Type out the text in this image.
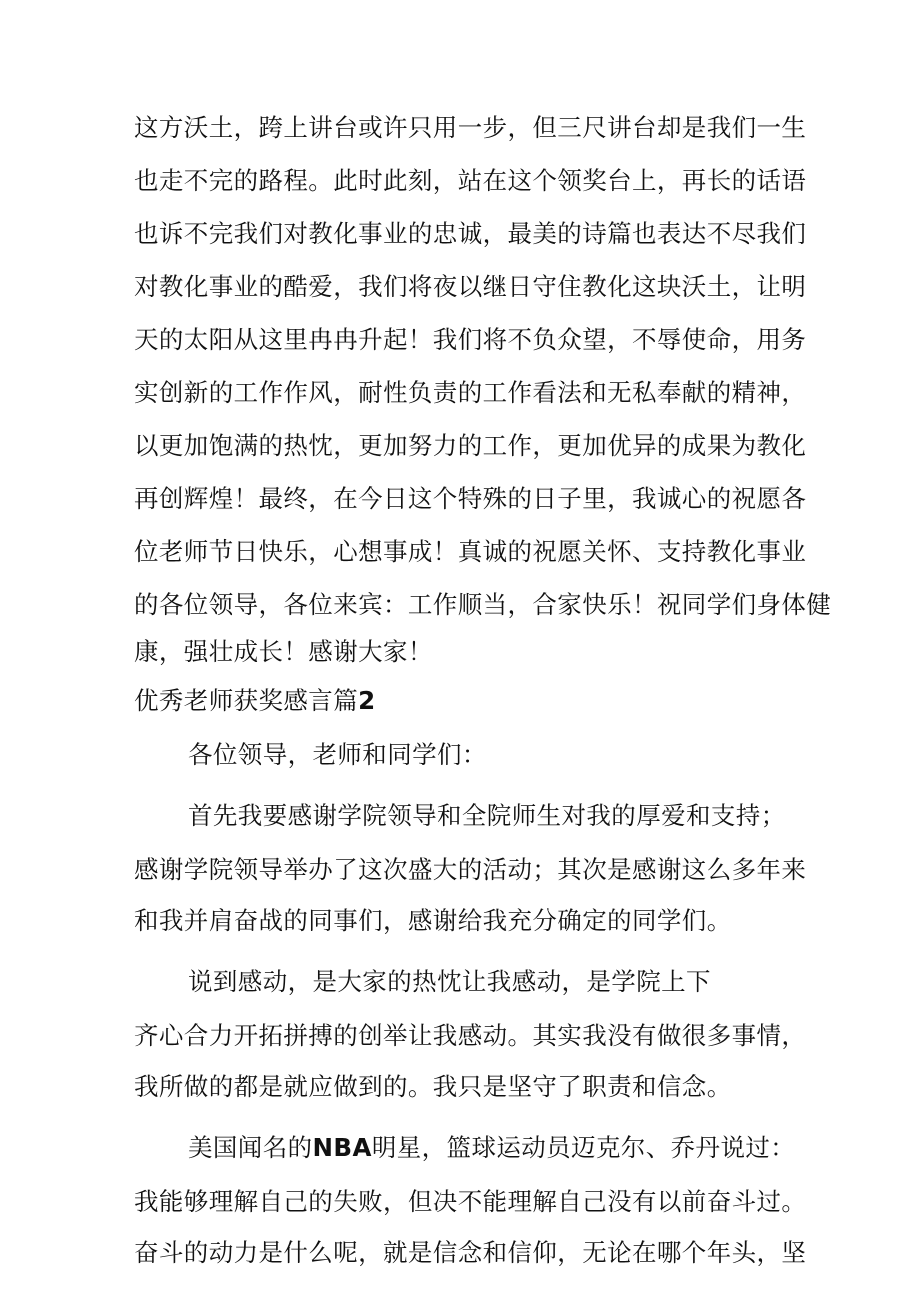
这方沃土，跨上讲台或许只用一步，但三尺讲台却是我们一生
也走不完的路程。此时此刻，站在这个领奖台上，再长的话语
也诉不完我们对教化事业的忠诚，最美的诗篇也表达不尽我们
对教化事业的酷爱，我们将夜以继日守住教化这块沃土，让明
天的太阳从这里冉冉升起！我们将不负众望，不辱使命，用务
实创新的工作作风，耐性负责的工作看法和无私奉献的精神，
以更加饱满的热忱，更加努力的工作，更加优异的成果为教化
再创辉煌！最终，在今日这个特殊的日子里，我诚心的祝愿各
位老师节日快乐，心想事成！真诚的祝愿关怀、支持教化事业
的各位领导，各位来宾：工作顺当，合家快乐！祝同学们身体健
康，强壮成长！感谢大家！
优秀老师获奖感言篇2
各位领导，老师和同学们：
首先我要感谢学院领导和全院师生对我的厚爱和支持；
感谢学院领导举办了这次盛大的活动；其次是感谢这么多年来
和我并肩奋战的同事们，感谢给我充分确定的同学们。
说到感动，是大家的热忱让我感动，是学院上下
齐心合力开拓拼搏的创举让我感动。其实我没有做很多事情，
我所做的都是就应做到的。我只是坚守了职责和信念。
美国闻名的NBA明星，篮球运动员迈克尔、乔丹说过：
我能够理解自己的失败，但决不能理解自己没有以前奋斗过。
奋斗的动力是什么呢，就是信念和信仰，无论在哪个年头，坚
